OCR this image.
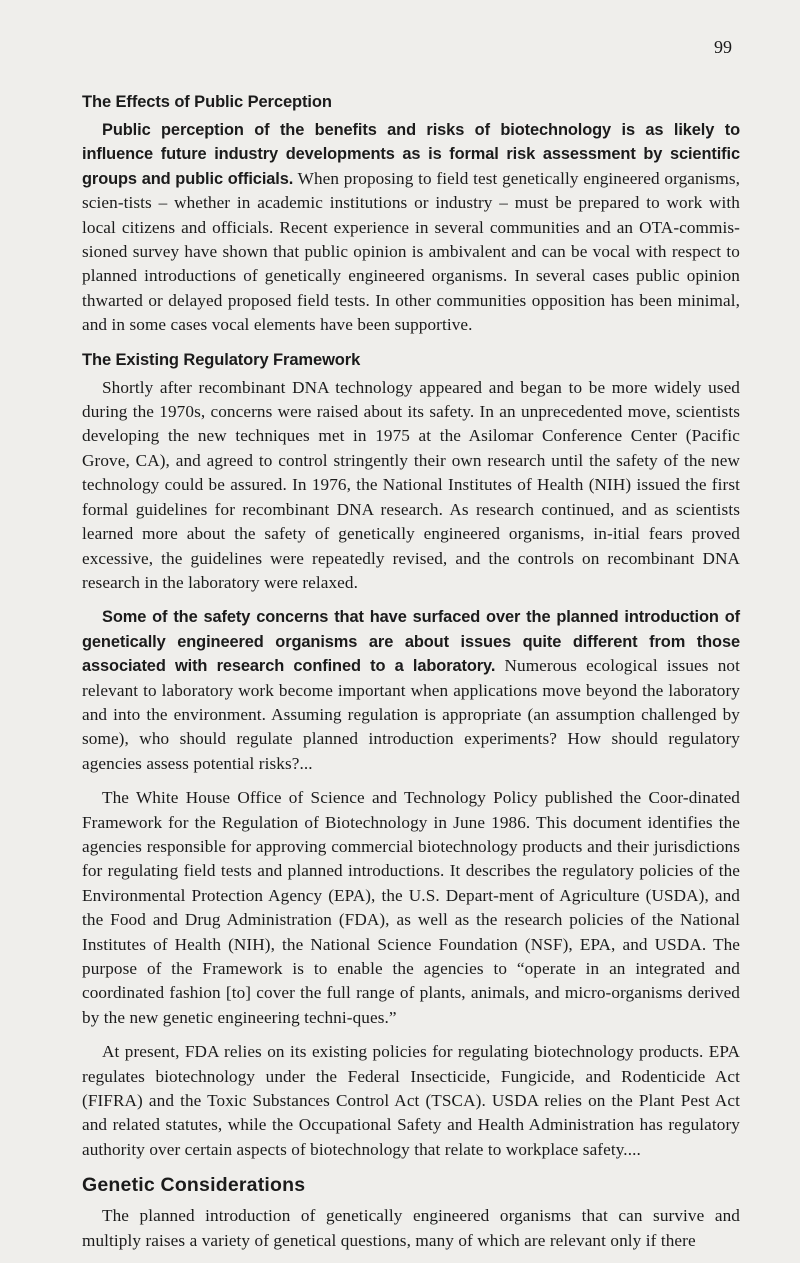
99
The Effects of Public Perception

Public perception of the benefits and risks of biotechnology is as likely to influence future industry developments as is formal risk assessment by scientific groups and public officials. When proposing to field test genetically engineered organisms, scien-tists – whether in academic institutions or industry – must be prepared to work with local citizens and officials. Recent experience in several communities and an OTA-commis-sioned survey have shown that public opinion is ambivalent and can be vocal with respect to planned introductions of genetically engineered organisms. In several cases public opinion thwarted or delayed proposed field tests. In other communities opposition has been minimal, and in some cases vocal elements have been supportive.

The Existing Regulatory Framework

Shortly after recombinant DNA technology appeared and began to be more widely used during the 1970s, concerns were raised about its safety. In an unprecedented move, scientists developing the new techniques met in 1975 at the Asilomar Conference Center (Pacific Grove, CA), and agreed to control stringently their own research until the safety of the new technology could be assured. In 1976, the National Institutes of Health (NIH) issued the first formal guidelines for recombinant DNA research. As research continued, and as scientists learned more about the safety of genetically engineered organisms, in-itial fears proved excessive, the guidelines were repeatedly revised, and the controls on recombinant DNA research in the laboratory were relaxed.

Some of the safety concerns that have surfaced over the planned introduction of genetically engineered organisms are about issues quite different from those associated with research confined to a laboratory. Numerous ecological issues not relevant to laboratory work become important when applications move beyond the laboratory and into the environment. Assuming regulation is appropriate (an assumption challenged by some), who should regulate planned introduction experiments? How should regulatory agencies assess potential risks?...

The White House Office of Science and Technology Policy published the Coor-dinated Framework for the Regulation of Biotechnology in June 1986. This document identifies the agencies responsible for approving commercial biotechnology products and their jurisdictions for regulating field tests and planned introductions. It describes the regulatory policies of the Environmental Protection Agency (EPA), the U.S. Depart-ment of Agriculture (USDA), and the Food and Drug Administration (FDA), as well as the research policies of the National Institutes of Health (NIH), the National Science Foundation (NSF), EPA, and USDA. The purpose of the Framework is to enable the agencies to “operate in an integrated and coordinated fashion [to] cover the full range of plants, animals, and micro-organisms derived by the new genetic engineering techni-ques.”

At present, FDA relies on its existing policies for regulating biotechnology products. EPA regulates biotechnology under the Federal Insecticide, Fungicide, and Rodenticide Act (FIFRA) and the Toxic Substances Control Act (TSCA). USDA relies on the Plant Pest Act and related statutes, while the Occupational Safety and Health Administration has regulatory authority over certain aspects of biotechnology that relate to workplace safety....

Genetic Considerations

The planned introduction of genetically engineered organisms that can survive and multiply raises a variety of genetical questions, many of which are relevant only if there
